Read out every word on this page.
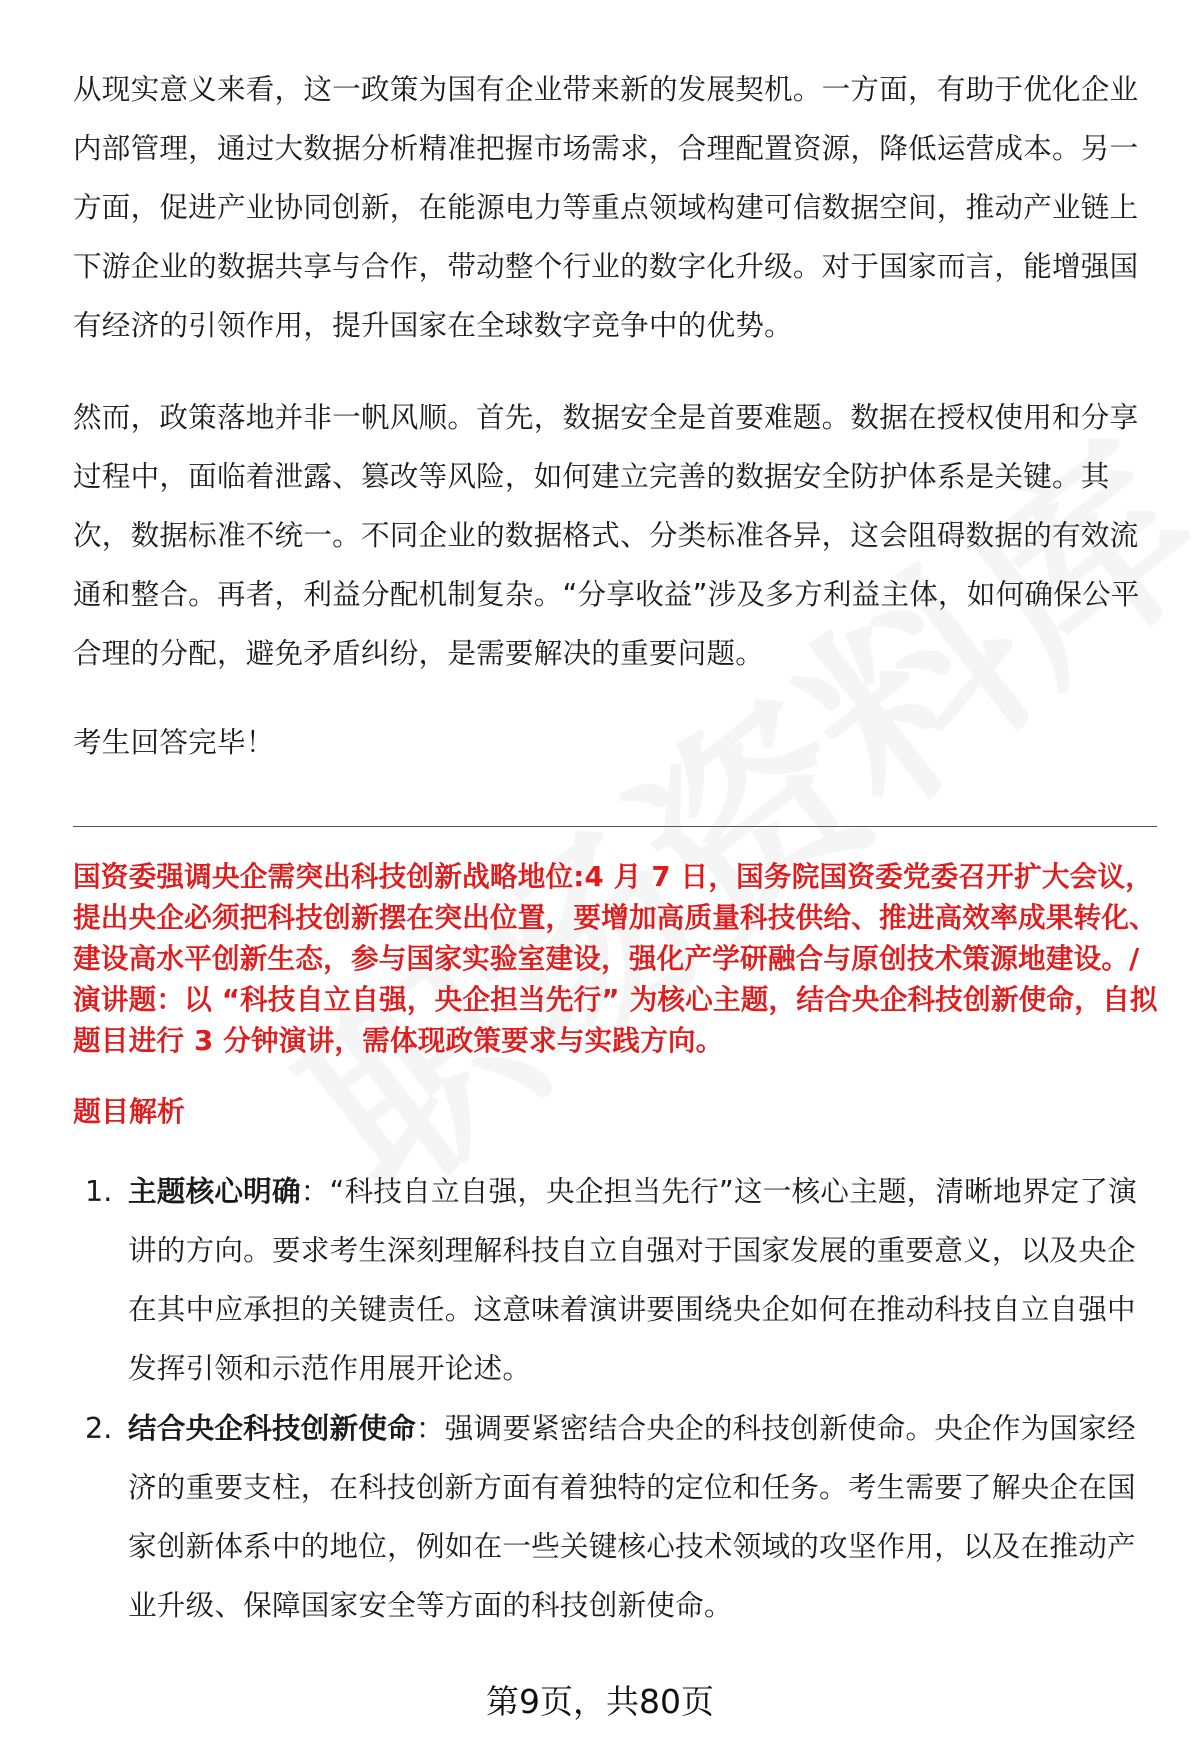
从现实意义来看，这一政策为国有企业带来新的发展契机。一方面，有助于优化企业内部管理，通过大数据分析精准把握市场需求，合理配置资源，降低运营成本。另一方面，促进产业协同创新，在能源电力等重点领域构建可信数据空间，推动产业链上下游企业的数据共享与合作，带动整个行业的数字化升级。对于国家而言，能增强国有经济的引领作用，提升国家在全球数字竞争中的优势。

然而，政策落地并非一帆风顺。首先，数据安全是首要难题。数据在授权使用和分享过程中，面临着泄露、篡改等风险，如何建立完善的数据安全防护体系是关键。其次，数据标准不统一。不同企业的数据格式、分类标准各异，这会阻碍数据的有效流通和整合。再者，利益分配机制复杂。“分享收益”涉及多方利益主体，如何确保公平合理的分配，避免矛盾纠纷，是需要解决的重要问题。

考生回答完毕！

国资委强调央企需突出科技创新战略地位:4 月 7 日，国务院国资委党委召开扩大会议，提出央企必须把科技创新摆在突出位置，要增加高质量科技供给、推进高效率成果转化、建设高水平创新生态，参与国家实验室建设，强化产学研融合与原创技术策源地建设。/演讲题：以 “科技自立自强，央企担当先行” 为核心主题，结合央企科技创新使命，自拟题目进行 3 分钟演讲，需体现政策要求与实践方向。

题目解析

1. 主题核心明确：“科技自立自强，央企担当先行”这一核心主题，清晰地界定了演讲的方向。要求考生深刻理解科技自立自强对于国家发展的重要意义，以及央企在其中应承担的关键责任。这意味着演讲要围绕央企如何在推动科技自立自强中发挥引领和示范作用展开论述。
2. 结合央企科技创新使命：强调要紧密结合央企的科技创新使命。央企作为国家经济的重要支柱，在科技创新方面有着独特的定位和任务。考生需要了解央企在国家创新体系中的地位，例如在一些关键核心技术领域的攻坚作用，以及在推动产业升级、保障国家安全等方面的科技创新使命。

第9页，共80页
